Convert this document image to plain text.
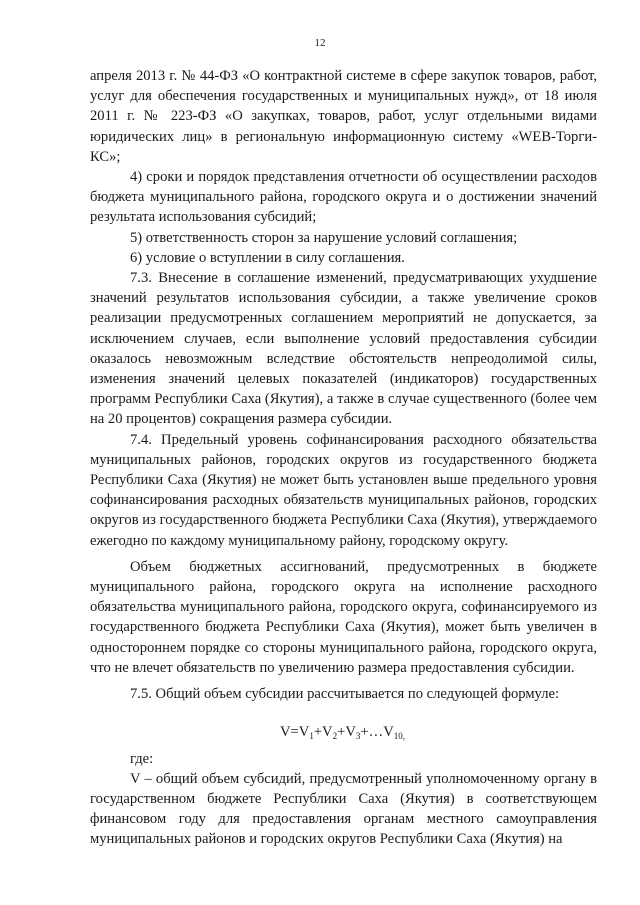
12

апреля 2013 г. № 44-ФЗ «О контрактной системе в сфере закупок товаров, работ, услуг для обеспечения государственных и муниципальных нужд», от 18 июля 2011 г. № 223-ФЗ «О закупках, товаров, работ, услуг отдельными видами юридических лиц» в региональную информационную систему «WEB-Торги-КС»;

4) сроки и порядок представления отчетности об осуществлении расходов бюджета муниципального района, городского округа и о достижении значений результата использования субсидий;

5) ответственность сторон за нарушение условий соглашения;

6) условие о вступлении в силу соглашения.

7.3. Внесение в соглашение изменений, предусматривающих ухудшение значений результатов использования субсидии, а также увеличение сроков реализации предусмотренных соглашением мероприятий не допускается, за исключением случаев, если выполнение условий предоставления субсидии оказалось невозможным вследствие обстоятельств непреодолимой силы, изменения значений целевых показателей (индикаторов) государственных программ Республики Саха (Якутия), а также в случае существенного (более чем на 20 процентов) сокращения размера субсидии.

7.4. Предельный уровень софинансирования расходного обязательства муниципальных районов, городских округов из государственного бюджета Республики Саха (Якутия) не может быть установлен выше предельного уровня софинансирования расходных обязательств муниципальных районов, городских округов из государственного бюджета Республики Саха (Якутия), утверждаемого ежегодно по каждому муниципальному району, городскому округу.

Объем бюджетных ассигнований, предусмотренных в бюджете муниципального района, городского округа на исполнение расходного обязательства муниципального района, городского округа, софинансируемого из государственного бюджета Республики Саха (Якутия), может быть увеличен в одностороннем порядке со стороны муниципального района, городского округа, что не влечет обязательств по увеличению размера предоставления субсидии.

7.5. Общий объем субсидии рассчитывается по следующей формуле:

$V=V_1+V_2+V_3+\dots V_{10,}$

где:

V – общий объем субсидий, предусмотренный уполномоченному органу в государственном бюджете Республики Саха (Якутия) в соответствующем финансовом году для предоставления органам местного самоуправления муниципальных районов и городских округов Республики Саха (Якутия) на
